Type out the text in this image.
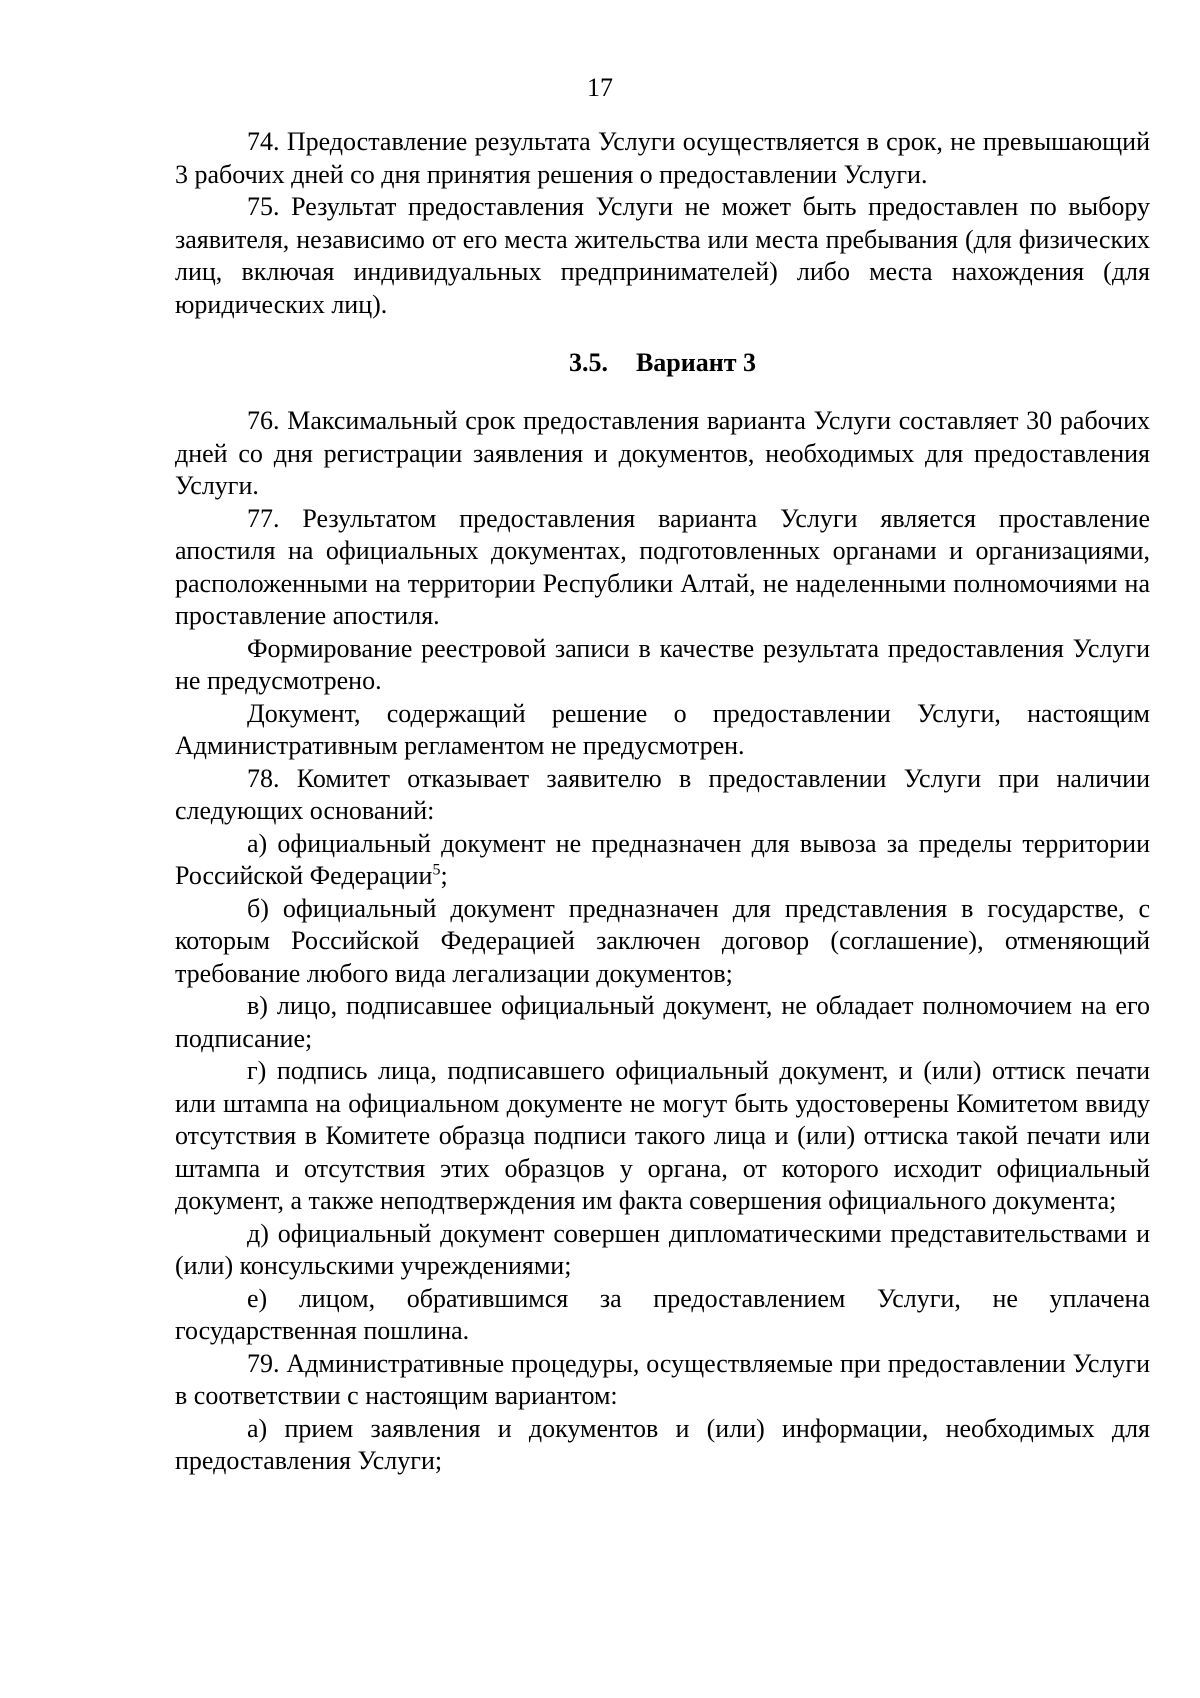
17

74. Предоставление результата Услуги осуществляется в срок, не превышающий 3 рабочих дней со дня принятия решения о предоставлении Услуги.

75. Результат предоставления Услуги не может быть предоставлен по выбору заявителя, независимо от его места жительства или места пребывания (для физических лиц, включая индивидуальных предпринимателей) либо места нахождения (для юридических лиц).

3.5. Вариант 3

76. Максимальный срок предоставления варианта Услуги составляет 30 рабочих дней со дня регистрации заявления и документов, необходимых для предоставления Услуги.

77. Результатом предоставления варианта Услуги является проставление апостиля на официальных документах, подготовленных органами и организациями, расположенными на территории Республики Алтай, не наделенными полномочиями на проставление апостиля.

Формирование реестровой записи в качестве результата предоставления Услуги не предусмотрено.

Документ, содержащий решение о предоставлении Услуги, настоящим Административным регламентом не предусмотрен.

78. Комитет отказывает заявителю в предоставлении Услуги при наличии следующих оснований:

а) официальный документ не предназначен для вывоза за пределы территории Российской Федерации$^5$;

б) официальный документ предназначен для представления в государстве, с которым Российской Федерацией заключен договор (соглашение), отменяющий требование любого вида легализации документов;

в) лицо, подписавшее официальный документ, не обладает полномочием на его подписание;

г) подпись лица, подписавшего официальный документ, и (или) оттиск печати или штампа на официальном документе не могут быть удостоверены Комитетом ввиду отсутствия в Комитете образца подписи такого лица и (или) оттиска такой печати или штампа и отсутствия этих образцов у органа, от которого исходит официальный документ, а также неподтверждения им факта совершения официального документа;

д) официальный документ совершен дипломатическими представительствами и (или) консульскими учреждениями;

е) лицом, обратившимся за предоставлением Услуги, не уплачена государственная пошлина.

79. Административные процедуры, осуществляемые при предоставлении Услуги в соответствии с настоящим вариантом:

а) прием заявления и документов и (или) информации, необходимых для предоставления Услуги;
